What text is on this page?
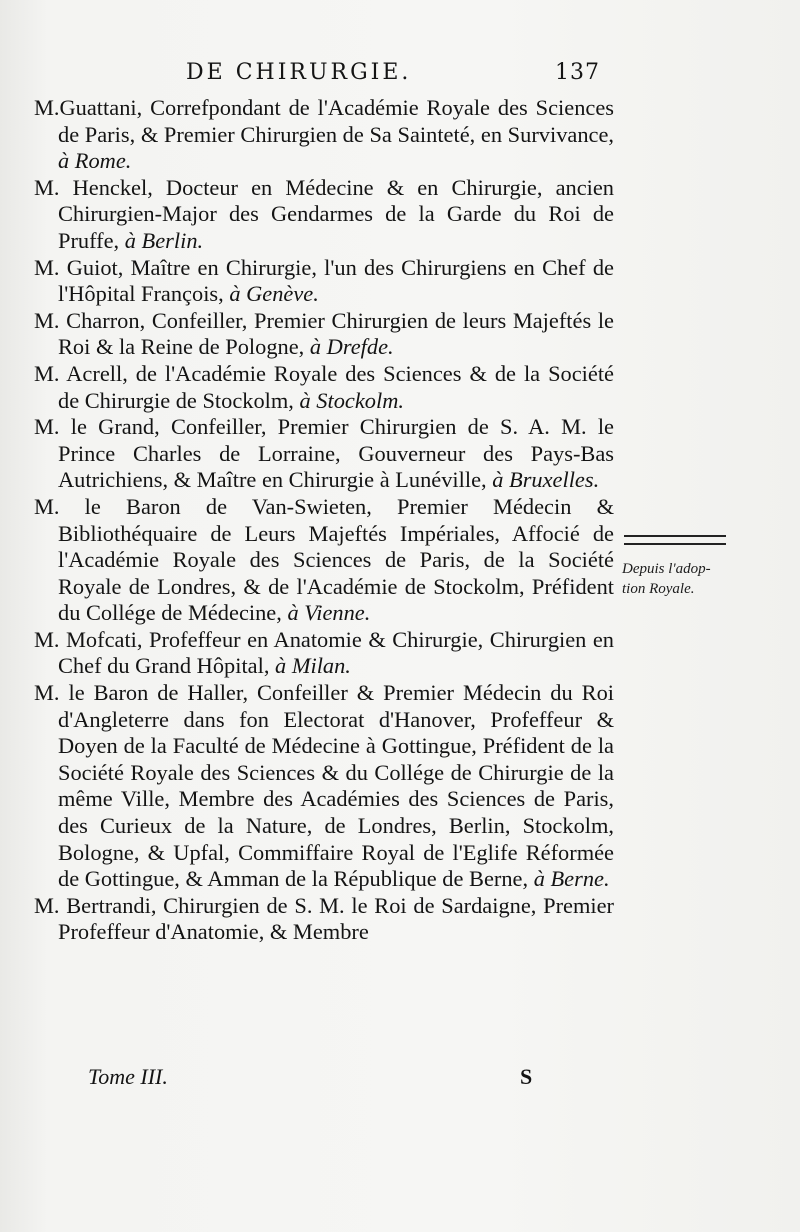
DE CHIRURGIE.	137

M.Guattani, Correfpondant de l'Académie Royale des Sciences de Paris, & Premier Chirurgien de Sa Sainteté, en Survivance, à Rome.

M. Henckel, Docteur en Médecine & en Chirurgie, ancien Chirurgien-Major des Gendarmes de la Garde du Roi de Pruffe, à Berlin.

M. Guiot, Maître en Chirurgie, l'un des Chirurgiens en Chef de l'Hôpital François, à Genève.

M. Charron, Confeiller, Premier Chirurgien de leurs Majeftés le Roi & la Reine de Pologne, à Drefde.

M. Acrell, de l'Académie Royale des Sciences & de la Société de Chirurgie de Stockolm, à Stockolm.

M. le Grand, Confeiller, Premier Chirurgien de S. A. M. le Prince Charles de Lorraine, Gouverneur des Pays-Bas Autrichiens, & Maître en Chirurgie à Lunéville, à Bruxelles.

M. le Baron de Van-Swieten, Premier Médecin & Bibliothéquaire de Leurs Majeftés Impériales, Affocié de l'Académie Royale des Sciences de Paris, de la Société Royale de Londres, & de l'Académie de Stockolm, Préfident du Collége de Médecine, à Vienne.

M. Mofcati, Profeffeur en Anatomie & Chirurgie, Chirurgien en Chef du Grand Hôpital, à Milan.

M. le Baron de Haller, Confeiller & Premier Médecin du Roi d'Angleterre dans fon Electorat d'Hanover, Profeffeur & Doyen de la Faculté de Médecine à Gottingue, Préfident de la Société Royale des Sciences & du Collége de Chirurgie de la même Ville, Membre des Académies des Sciences de Paris, des Curieux de la Nature, de Londres, Berlin, Stockolm, Bologne, & Upfal, Commiffaire Royal de l'Eglife Réformée de Gottingue, & Amman de la République de Berne, à Berne.

M. Bertrandi, Chirurgien de S. M. le Roi de Sardaigne, Premier Profeffeur d'Anatomie, & Membre

Depuis l'adop-
tion Royale.
Tome III.	S
